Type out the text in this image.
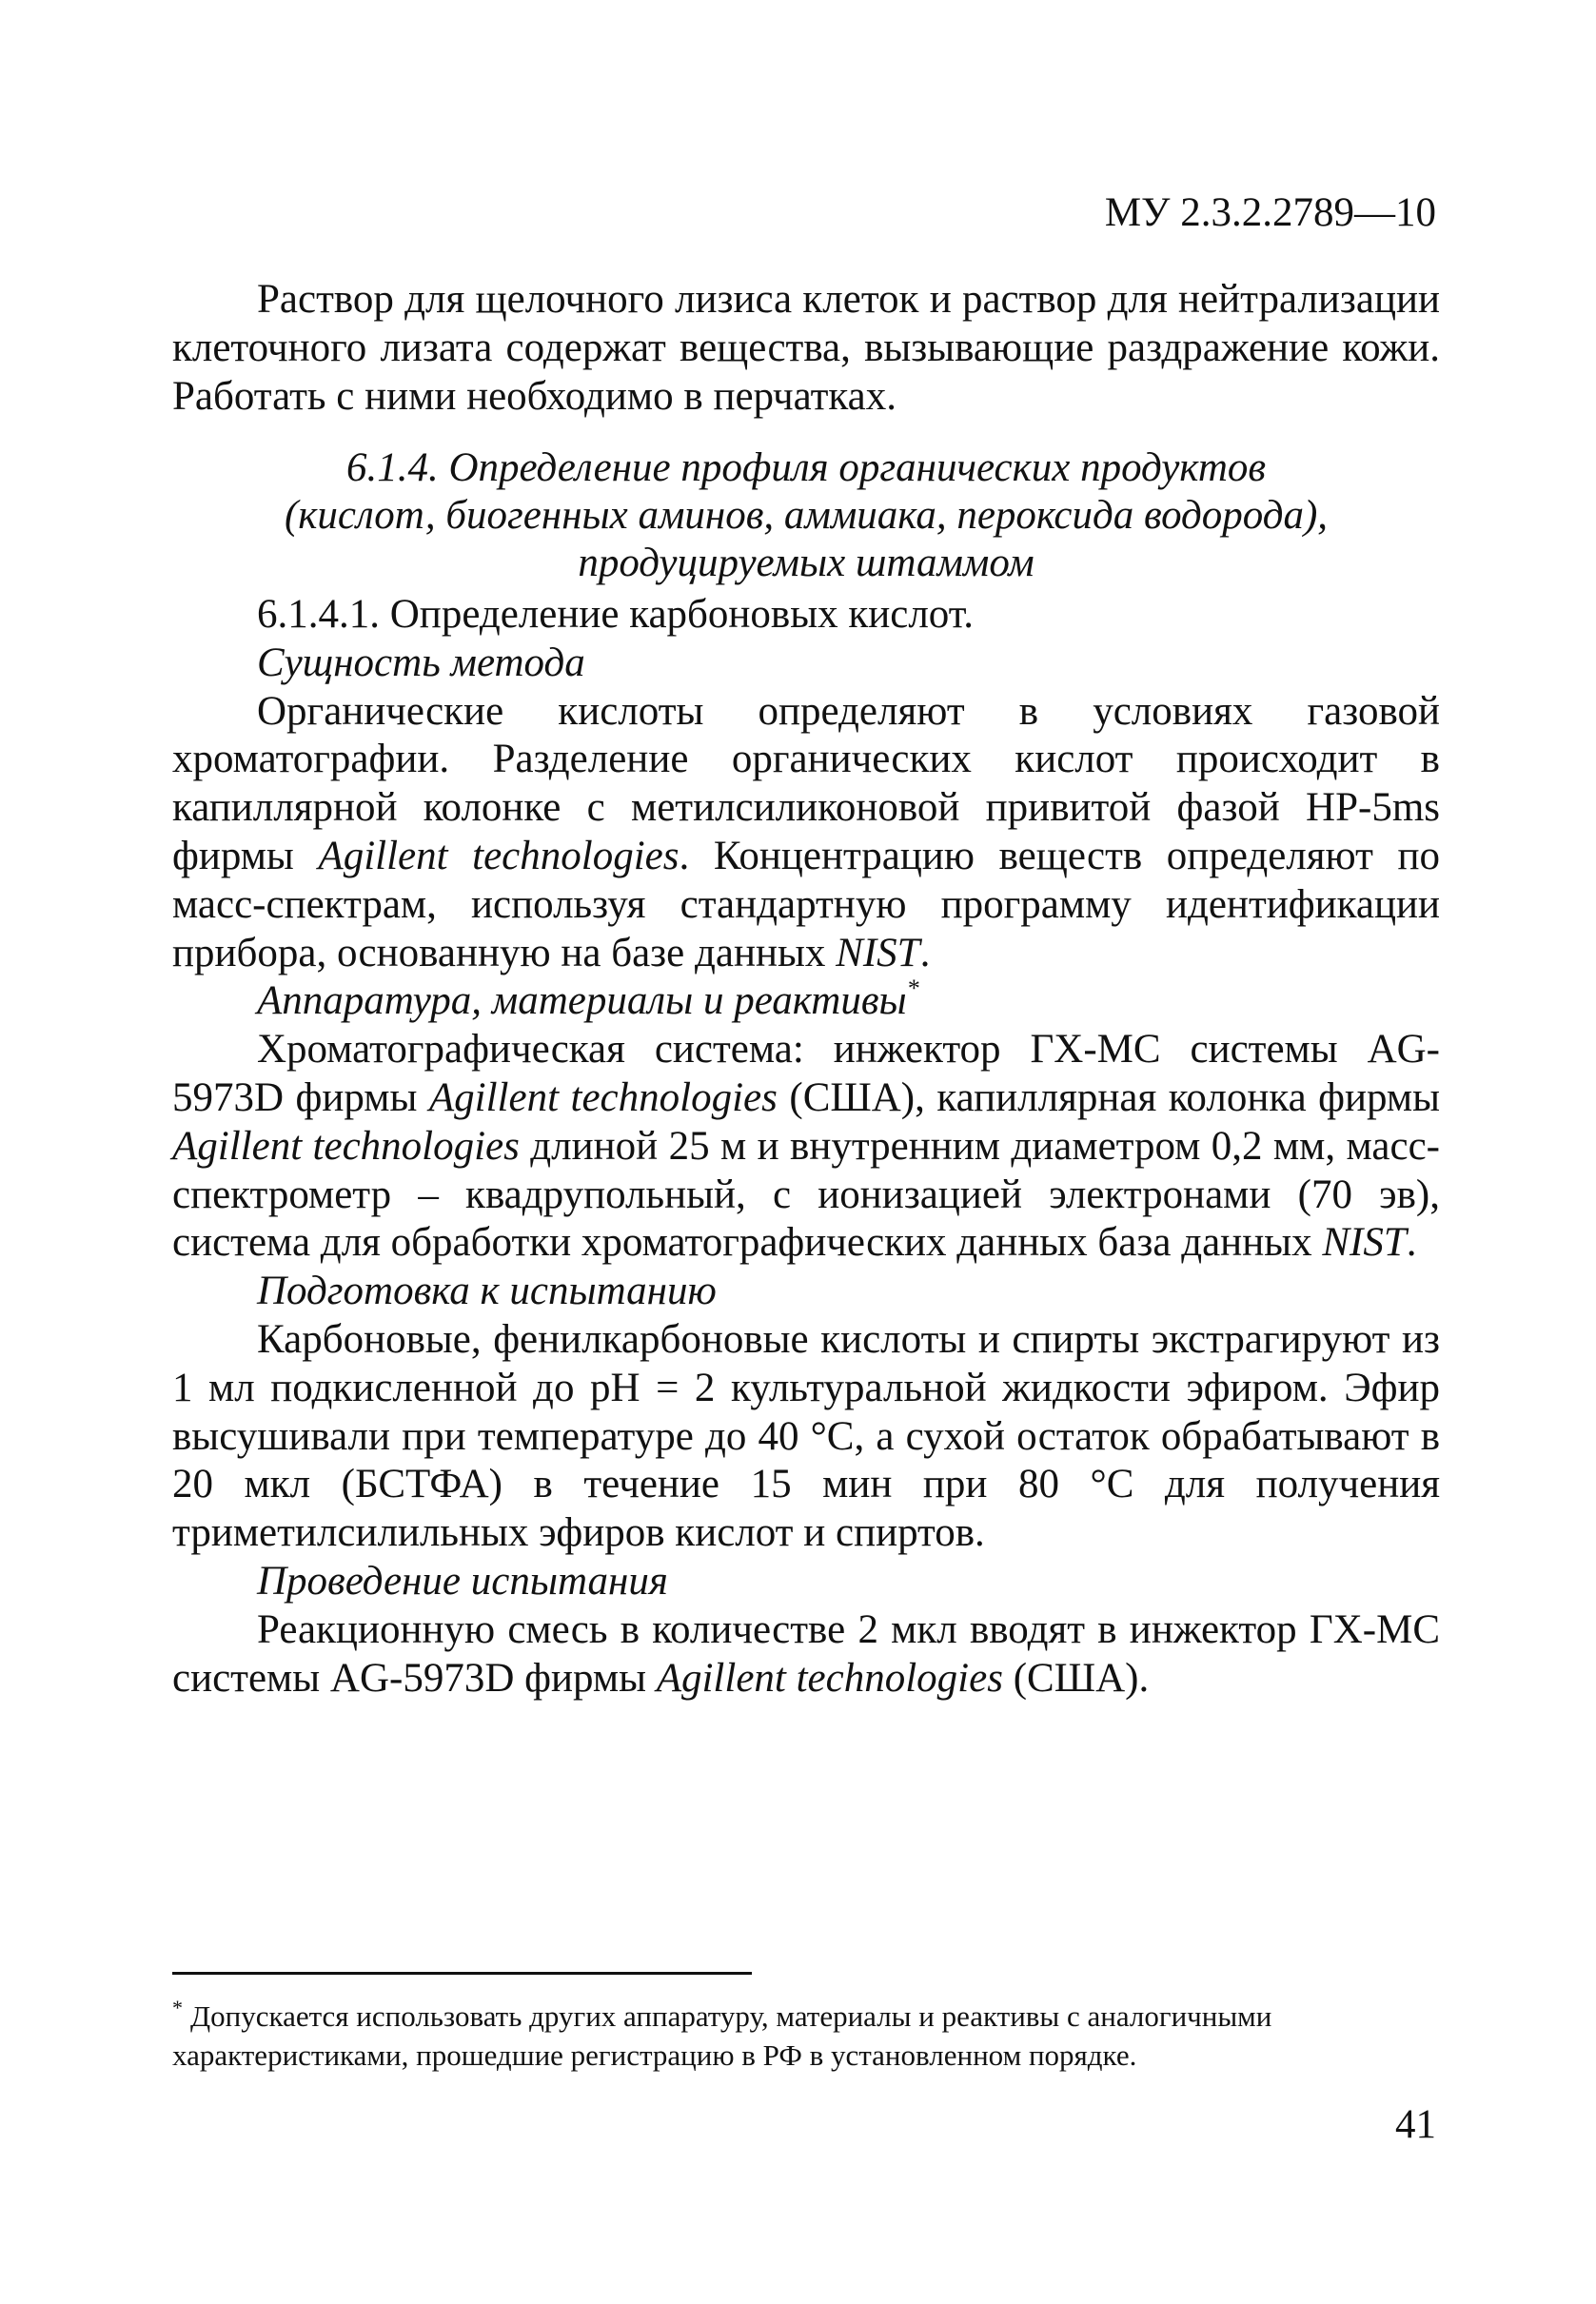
МУ 2.3.2.2789—10

Раствор для щелочного лизиса клеток и раствор для нейтрализации клеточного лизата содержат вещества, вызывающие раздражение кожи. Работать с ними необходимо в перчатках.

6.1.4. Определение профиля органических продуктов
(кислот, биогенных аминов, аммиака, пероксида водорода),
продуцируемых штаммом

6.1.4.1. Определение карбоновых кислот.

Сущность метода

Органические кислоты определяют в условиях газовой хроматографии. Разделение органических кислот происходит в капиллярной колонке с метилсиликоновой привитой фазой НР-5ms фирмы Agillent technologies. Концентрацию веществ определяют по масс-спектрам, используя стандартную программу идентификации прибора, основанную на базе данных NIST.

Аппаратура, материалы и реактивы*

Хроматографическая система: инжектор ГХ-МС системы AG-5973D фирмы Agillent technologies (США), капиллярная колонка фирмы Agillent technologies длиной 25 м и внутренним диаметром 0,2 мм, масс-спектрометр – квадрупольный, с ионизацией электронами (70 эв), система для обработки хроматографических данных база данных NIST.

Подготовка к испытанию

Карбоновые, фенилкарбоновые кислоты и спирты экстрагируют из 1 мл подкисленной до рН = 2 культуральной жидкости эфиром. Эфир высушивали при температуре до 40 °С, а сухой остаток обрабатывают в 20 мкл (БСТФА) в течение 15 мин при 80 °С для получения триметилсилильных эфиров кислот и спиртов.

Проведение испытания

Реакционную смесь в количестве 2 мкл вводят в инжектор ГХ-МС системы AG-5973D фирмы Agillent technologies (США).

* Допускается использовать других аппаратуру, материалы и реактивы с аналогичными характеристиками, прошедшие регистрацию в РФ в установленном порядке.

41
